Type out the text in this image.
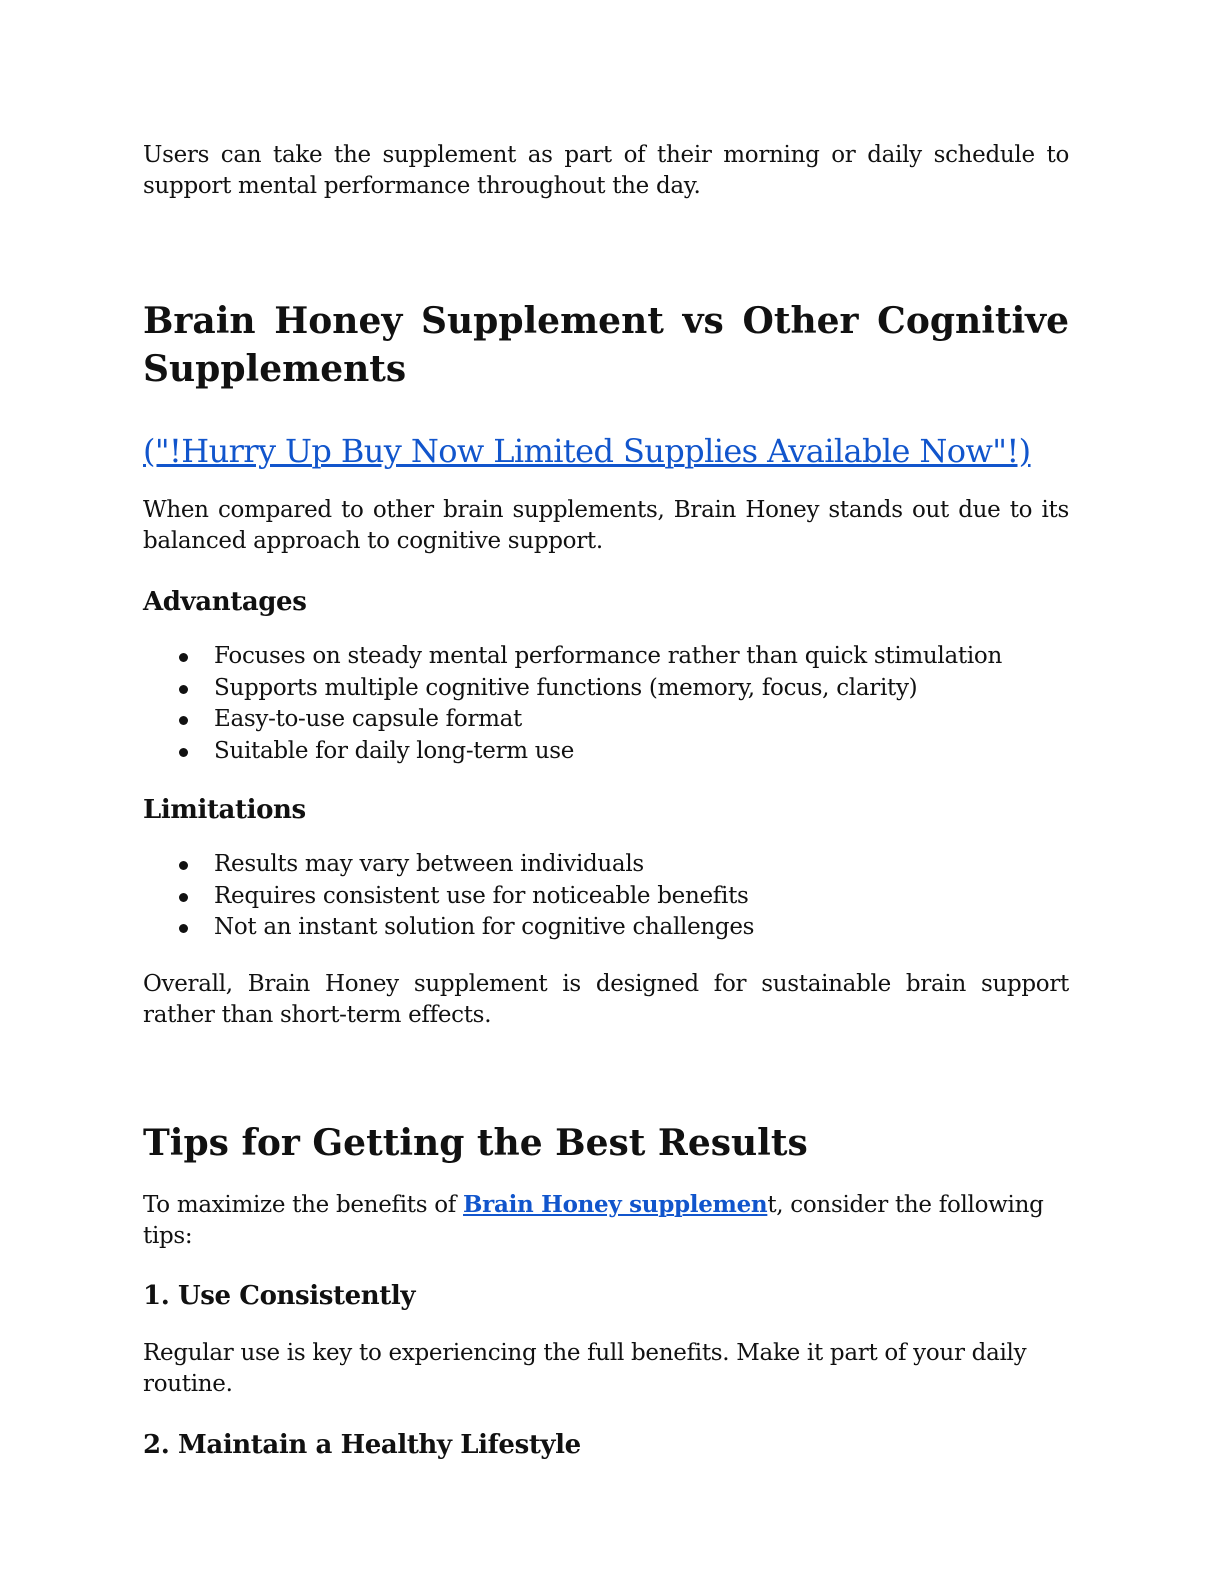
Users can take the supplement as part of their morning or daily schedule to support mental performance throughout the day.

Brain Honey Supplement vs Other Cognitive Supplements
("!Hurry Up Buy Now Limited Supplies Available Now"!)

When compared to other brain supplements, Brain Honey stands out due to its balanced approach to cognitive support.

Advantages
Focuses on steady mental performance rather than quick stimulation
Supports multiple cognitive functions (memory, focus, clarity)
Easy-to-use capsule format
Suitable for daily long-term use
Limitations
Results may vary between individuals
Requires consistent use for noticeable benefits
Not an instant solution for cognitive challenges

Overall, Brain Honey supplement is designed for sustainable brain support rather than short-term effects.

Tips for Getting the Best Results

To maximize the benefits of Brain Honey supplement, consider the following tips:

1. Use Consistently

Regular use is key to experiencing the full benefits. Make it part of your daily routine.

2. Maintain a Healthy Lifestyle
